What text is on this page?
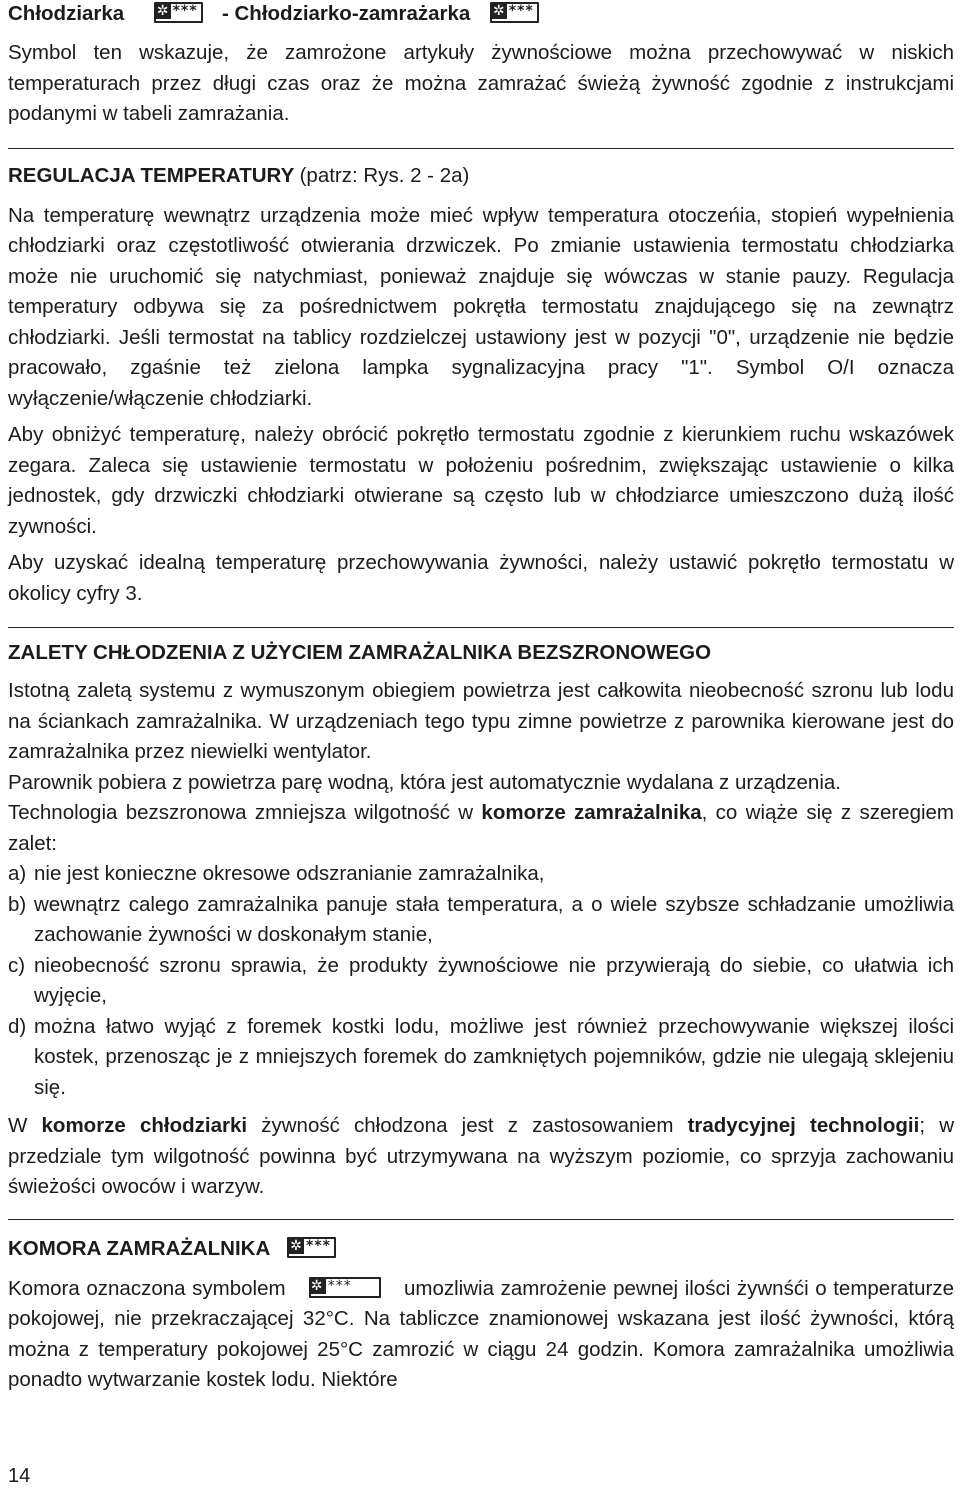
Chłodziarka ✲ *** - Chłodziarko-zamrażarka ✲ ***

Symbol ten wskazuje, że zamrożone artykuły żywnościowe można przechowywać w niskich temperaturach przez długi czas oraz że można zamrażać świeżą żywność zgodnie z instrukcjami podanymi w tabeli zamrażania.

REGULACJA TEMPERATURY (patrz: Rys. 2 - 2a)

Na temperaturę wewnątrz urządzenia może mieć wpływ temperatura otoczeńia, stopień wypełnienia chłodziarki oraz częstotliwość otwierania drzwiczek. Po zmianie ustawienia termostatu chłodziarka może nie uruchomić się natychmiast, ponieważ znajduje się wówczas w stanie pauzy. Regulacja temperatury odbywa się za pośrednictwem pokrętła termostatu znajdującego się na zewnątrz chłodziarki. Jeśli termostat na tablicy rozdzielczej ustawiony jest w pozycji "0", urządzenie nie będzie pracowało, zgaśnie też zielona lampka sygnalizacyjna pracy "1". Symbol O/I oznacza wyłączenie/włączenie chłodziarki.

Aby obniżyć temperaturę, należy obrócić pokrętło termostatu zgodnie z kierunkiem ruchu wskazówek zegara. Zaleca się ustawienie termostatu w położeniu pośrednim, zwiększając ustawienie o kilka jednostek, gdy drzwiczki chłodziarki otwierane są często lub w chłodziarce umieszczono dużą ilość zywności.

Aby uzyskać idealną temperaturę przechowywania żywności, należy ustawić pokrętło termostatu w okolicy cyfry 3.

ZALETY CHŁODZENIA Z UŻYCIEM ZAMRAŻALNIKA BEZSZRONOWEGO

Istotną zaletą systemu z wymuszonym obiegiem powietrza jest całkowita nieobecność szronu lub lodu na ściankach zamrażalnika. W urządzeniach tego typu zimne powietrze z parownika kierowane jest do zamrażalnika przez niewielki wentylator.

Parownik pobiera z powietrza parę wodną, która jest automatycznie wydalana z urządzenia.

Technologia bezszronowa zmniejsza wilgotność w komorze zamrażalnika, co wiąże się z szeregiem zalet:

a) nie jest konieczne okresowe odszranianie zamrażalnika,
b) wewnątrz calego zamrażalnika panuje stała temperatura, a o wiele szybsze schładzanie umożliwia zachowanie żywności w doskonałym stanie,
c) nieobecność szronu sprawia, że produkty żywnościowe nie przywierają do siebie, co ułatwia ich wyjęcie,
d) można łatwo wyjąć z foremek kostki lodu, możliwe jest również przechowywanie większej ilości kostek, przenosząc je z mniejszych foremek do zamkniętych pojemników, gdzie nie ulegają sklejeniu się.

W komorze chłodziarki żywność chłodzona jest z zastosowaniem tradycyjnej technologii; w przedziale tym wilgotność powinna być utrzymywana na wyższym poziomie, co sprzyja zachowaniu świeżości owoców i warzyw.

KOMORA ZAMRAŻALNIKA ✲ ***

Komora oznaczona symbolem ✲ ***  umozliwia zamrożenie pewnej ilości żywnśći o temperaturze pokojowej, nie przekraczającej 32°C. Na tabliczce znamionowej wskazana jest ilość żywności, którą można z temperatury pokojowej 25°C zamrozić w ciągu 24 godzin. Komora zamrażalnika umożliwia ponadto wytwarzanie kostek lodu. Niektóre

14
